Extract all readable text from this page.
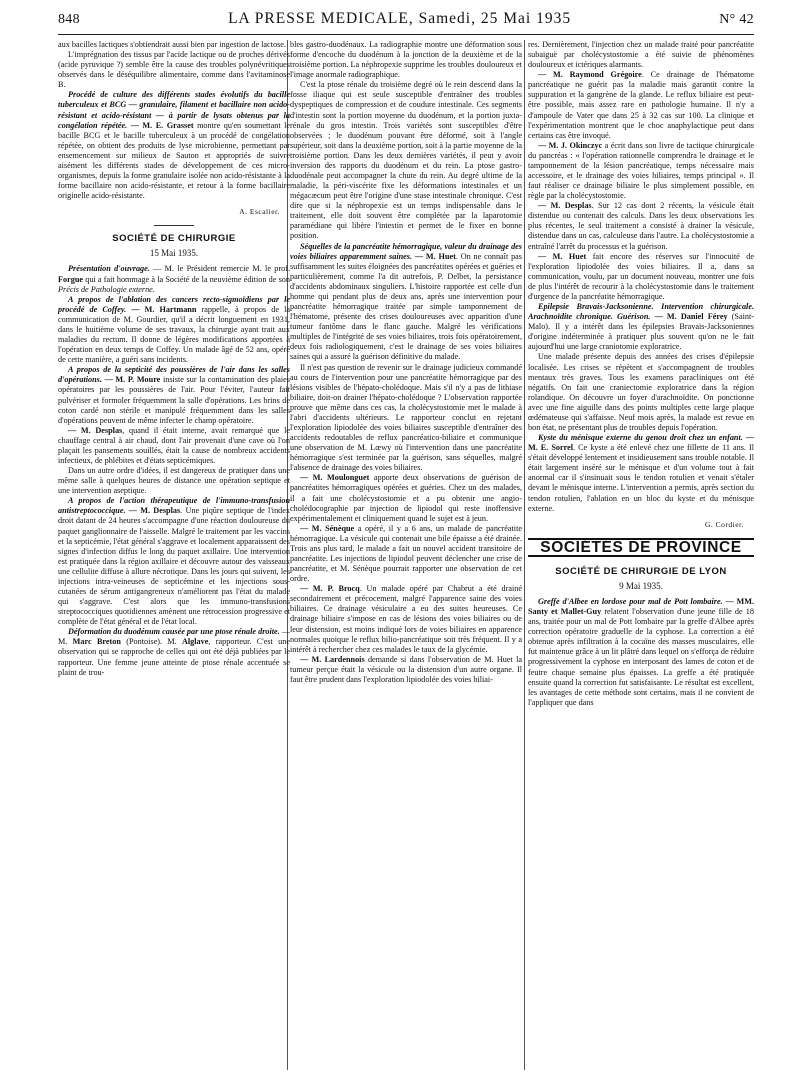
848	LA PRESSE MEDICALE, Samedi, 25 Mai 1935	N° 42

aux bacilles lactiques s'obtiendrait aussi bien par ingestion de lactose.

L'imprégnation des tissus par l'acide lactique ou de proches dérivés (acide pyruvique ?) semble être la cause des troubles polynévritiques observés dans le déséquilibre alimentaire, comme dans l'avitaminose B.

Procédé de culture des différents stades évolutifs du bacille tuberculeux et BCG — granulaire, filament et bacillaire non acido-résistant et acido-résistant — à partir de lysats obtenus par la congélation répétée. — M. E. Grasset montre qu'en soumettant le bacille BCG et le bacille tuberculeux à un procédé de congélation répétée, on obtient des produits de lyse microbienne, permettant par ensemencement sur milieux de Sauton et appropriés de suivre aisément les différents stades de développement de ces micro-organismes, depuis la forme granulaire isolée non acido-résistante à la forme bacillaire non acido-résistante, et retour à la forme bacillaire originelle acido-résistante.

A. Escalier.
SOCIÉTÉ DE CHIRURGIE
15 Mai 1935.

Présentation d'ouvrage. — M. le Président remercie M. le prof. Forgue qui a fait hommage à la Société de la neuvième édition de son Précis de Pathologie externe.

A propos de l'ablation des cancers recto-sigmoïdiens par le procédé de Coffey. — M. Hartmann rappelle, à propos de la communication de M. Gourdier, qu'il a décrit longuement en 1931, dans le huitième volume de ses travaux, la chirurgie ayant trait aux maladies du rectum. Il donne de légères modifications apportées à l'opération en deux temps de Coffey. Un malade âgé de 52 ans, opéré de cette manière, a guéri sans incidents.

A propos de la septicité des poussières de l'air dans les salles d'opérations. — M. P. Moure insiste sur la contamination des plaies opératoires par les poussières de l'air. Pour l'éviter, l'auteur fait pulvériser et formoler fréquemment la salle d'opérations. Les brins de coton cardé non stérile et manipulé fréquemment dans les salles d'opérations peuvent de même infecter le champ opératoire.

— M. Desplas, quand il était interne, avait remarqué que le chauffage central à air chaud, dont l'air provenait d'une cave où l'on plaçait les pansements souillés, était la cause de nombreux accidents infectieux, de phlébites et d'états septicémiques.

Dans un autre ordre d'idées, il est dangereux de pratiquer dans une même salle à quelques heures de distance une opération septique et une intervention aseptique.

A propos de l'action thérapeutique de l'immuno-transfusion antistreptococcique. — M. Desplas. Une piqûre septique de l'index droit datant de 24 heures s'accompagne d'une réaction douloureuse du paquet ganglionnaire de l'aisselle. Malgré le traitement par les vaccins et la septicémie, l'état général s'aggrave et localement apparaissent des signes d'infection diffus le long du paquet axillaire. Une intervention est pratiquée dans la région axillaire et découvre autour des vaisseaux une cellulite diffuse à allure nécrotique. Dans les jours qui suivent, les injections intra-veineuses de septicémine et les injections sous-cutanées de sérum antigangreneux n'améliorent pas l'état du malade qui s'aggrave. C'est alors que les immuno-transfusions streptococciques quotidiennes amènent une rétrocession progressive et complète de l'état général et de l'état local.

Déformation du duodénum causée par une ptose rénale droite. — M. Marc Breton (Pontoise). M. Alglave, rapporteur. C'est une observation qui se rapproche de celles qui ont été déjà publiées par le rapporteur. Une femme jeune atteinte de ptose rénale accentuée se plaint de trou-

bles gastro-duodénaux. La radiographie montre une déformation sous forme d'encoche du duodénum à la jonction de la deuxième et de la troisième portion. La néphropexie supprime les troubles douloureux et l'image anormale radiographique.

C'est la ptose rénale du troisième degré où le rein descend dans la fosse iliaque qui est seule susceptible d'entraîner des troubles dyspeptiques de compression et de coudure intestinale. Ces segments d'intestin sont la portion moyenne du duodénum, et la portion juxta-rénale du gros intestin. Trois variétés sont susceptibles d'être observées ; le duodénum pouvant être déformé, soit à l'angle supérieur, soit dans la deuxième portion, soit à la partie moyenne de la troisième portion. Dans les deux dernières variétés, il peut y avoir inversion des rapports du duodénum et du rein. La ptose gastro-duodénale peut accompagner la chute du rein. Au degré ultime de la maladie, la péri-viscérite fixe les déformations intestinales et un mégacæcum peut être l'origine d'une stase intestinale chronique. C'est dire que si la néphropexie est un temps indispensable dans le traitement, elle doit souvent être complétée par la laparotomie paramédiane qui libère l'intestin et permet de le fixer en bonne position.

Séquelles de la pancréatite hémorragique, valeur du drainage des voies biliaires apparemment saines. — M. Huet. On ne connaît pas suffisamment les suites éloignées des pancréatites opérées et guéries et particulièrement, comme l'a dit autrefois, P. Delbet, la persistance d'accidents abdominaux singuliers. L'histoire rapportée est celle d'un homme qui pendant plus de deux ans, après une intervention pour pancréatite hémorragique traitée par simple tamponnement de l'hématome, présente des crises douloureuses avec apparition d'une tumeur fantôme dans le flanc gauche. Malgré les vérifications multiples de l'intégrité de ses voies biliaires, trois fois opératoirement, deux fois radiologiquement, c'est le drainage de ses voies biliaires saines qui a assuré la guérison définitive du malade.

Il n'est pas question de revenir sur le drainage judicieux commandé au cours de l'intervention pour une pancréatite hémorragique par des lésions visibles de l'hépato-cholédoque. Mais s'il n'y a pas de lithiase biliaire, doit-on drainer l'hépato-cholédoque ? L'observation rapportée prouve que même dans ces cas, la cholécystostomie met le malade à l'abri d'accidents ultérieurs. Le rapporteur conclut en rejetant l'exploration lipiodolée des voies biliaires susceptible d'entraîner des accidents redoutables de reflux pancréatico-biliaire et communique une observation de M. Lœwy où l'intervention dans une pancréatite hémorragique s'est terminée par la guérison, sans séquelles, malgré l'absence de drainage des voies biliaires.

— M. Moulonguet apporte deux observations de guérison de pancréatites hémorragiques opérées et guéries. Chez un des malades, il a fait une cholécystostomie et a pu obtenir une angio-cholédocographie par injection de lipiodol qui reste inoffensive expérimentalement et cliniquement quand le sujet est à jeun.

— M. Sénèque a opéré, il y a 6 ans, un malade de pancréatite hémorragique. La vésicule qui contenait une bile épaisse a été drainée. Trois ans plus tard, le malade a fait un nouvel accident transitoire de pancréatite. Les injections de lipiodol peuvent déclencher une crise de pancréatite, et M. Sénèque pourrait rapporter une observation de cet ordre.

— M. P. Brocq. Un malade opéré par Chabrut a été drainé secondairement et précocement, malgré l'apparence saine des voies biliaires. Ce drainage vésiculaire a eu des suites heureuses. Ce drainage biliaire s'impose en cas de lésions des voies biliaires ou de leur distension, est moins indiqué lors de voies biliaires en apparence normales quoique le reflux bilio-pancréatique soit très fréquent. Il y a intérêt à rechercher chez ces malades le taux de la glycémie.

— M. Lardennois demande si dans l'observation de M. Huet la tumeur perçue était la vésicule ou la distension d'un autre organe. Il faut être prudent dans l'exploration lipiodolée des voies biliai-

res. Dernièrement, l'injection chez un malade traité pour pancréatite subaiguë par cholécystostomie a été suivie de phénomènes douloureux et ictériques alarmants.

— M. Raymond Grégoire. Ce drainage de l'hématome pancréatique ne guérit pas la maladie mais garantit contre la suppuration et la gangrène de la glande. Le reflux biliaire est peut-être possible, mais assez rare en pathologie humaine. Il n'y a d'ampoule de Vater que dans 25 à 32 cas sur 100. La clinique et l'expérimentation montrent que le choc anaphylactique peut dans certains cas être invoqué.

— M. J. Okinczyc a écrit dans son livre de tactique chirurgicale du pancréas : « l'opération rationnelle comprendra le drainage et le tamponnement de la lésion pancréatique, temps nécessaire mais accessoire, et le drainage des voies biliaires, temps principal ». Il faut réaliser ce drainage biliaire le plus simplement possible, en règle par la cholécystostomie.

— M. Desplas. Sur 12 cas dont 2 récents, la vésicule était distendue ou contenait des calculs. Dans les deux observations les plus récentes, le seul traitement a consisté à drainer la vésicule, distendue dans un cas, calculeuse dans l'autre. La cholécystostomie a entraîné l'arrêt du processus et la guérison.

— M. Huet fait encore des réserves sur l'innocuité de l'exploration lipiodolée des voies biliaires. Il a, dans sa communication, voulu, par un document nouveau, montrer une fois de plus l'intérêt de recourir à la cholécystostomie dans le traitement d'urgence de la pancréatite hémorragique.

Epilepsie Bravais-Jacksonienne. Intervention chirurgicale. Arachnoïdite chronique. Guérison. — M. Daniel Férey (Saint-Malo). Il y a intérêt dans les épilepsies Bravais-Jacksoniennes d'origine indéterminée à pratiquer plus souvent qu'on ne le fait aujourd'hui une large craniotomie exploratrice.

Une malade présente depuis des années des crises d'épilepsie localisée. Les crises se répètent et s'accompagnent de troubles mentaux très graves. Tous les examens paracliniques ont été négatifs. On fait une craniectomie exploratrice dans la région rolandique. On découvre un foyer d'arachnoïdite. On ponctionne avec une fine aiguille dans des points multiples cette large plaque œdémateuse qui s'affaisse. Neuf mois après, la malade est revue en bon état, ne présentant plus de troubles depuis l'opération.

Kyste du ménisque externe du genou droit chez un enfant. — M. E. Sorrel. Ce kyste a été enlevé chez une fillette de 11 ans. Il s'était développé lentement et insidieusement sans trouble notable. Il était largement inséré sur le ménisque et d'un volume tout à fait anormal car il s'insinuait sous le tendon rotulien et venait s'étaler devant le ménisque interne. L'intervention a permis, après section du tendon rotulien, l'ablation en un bloc du kyste et du ménisque externe.

G. Cordier.
SOCIÉTÉS DE PROVINCE
SOCIÉTÉ DE CHIRURGIE DE LYON
9 Mai 1935.

Greffe d'Albee en lordose pour mal de Pott lombaire. — MM. Santy et Mallet-Guy relatent l'observation d'une jeune fille de 18 ans, traitée pour un mal de Pott lombaire par la greffe d'Albee après correction opératoire graduelle de la cyphose. La correction a été obtenue après infiltration à la cocaïne des masses musculaires, elle fut maintenue grâce à un lit plâtré dans lequel on s'efforça de réduire progressivement la cyphose en interposant des lames de coton et de feutre chaque semaine plus épaisses. La greffe a été pratiquée ensuite quand la correction fut satisfaisante. Le résultat est excellent, les avantages de cette méthode sont certains, mais il ne convient de l'appliquer que dans
